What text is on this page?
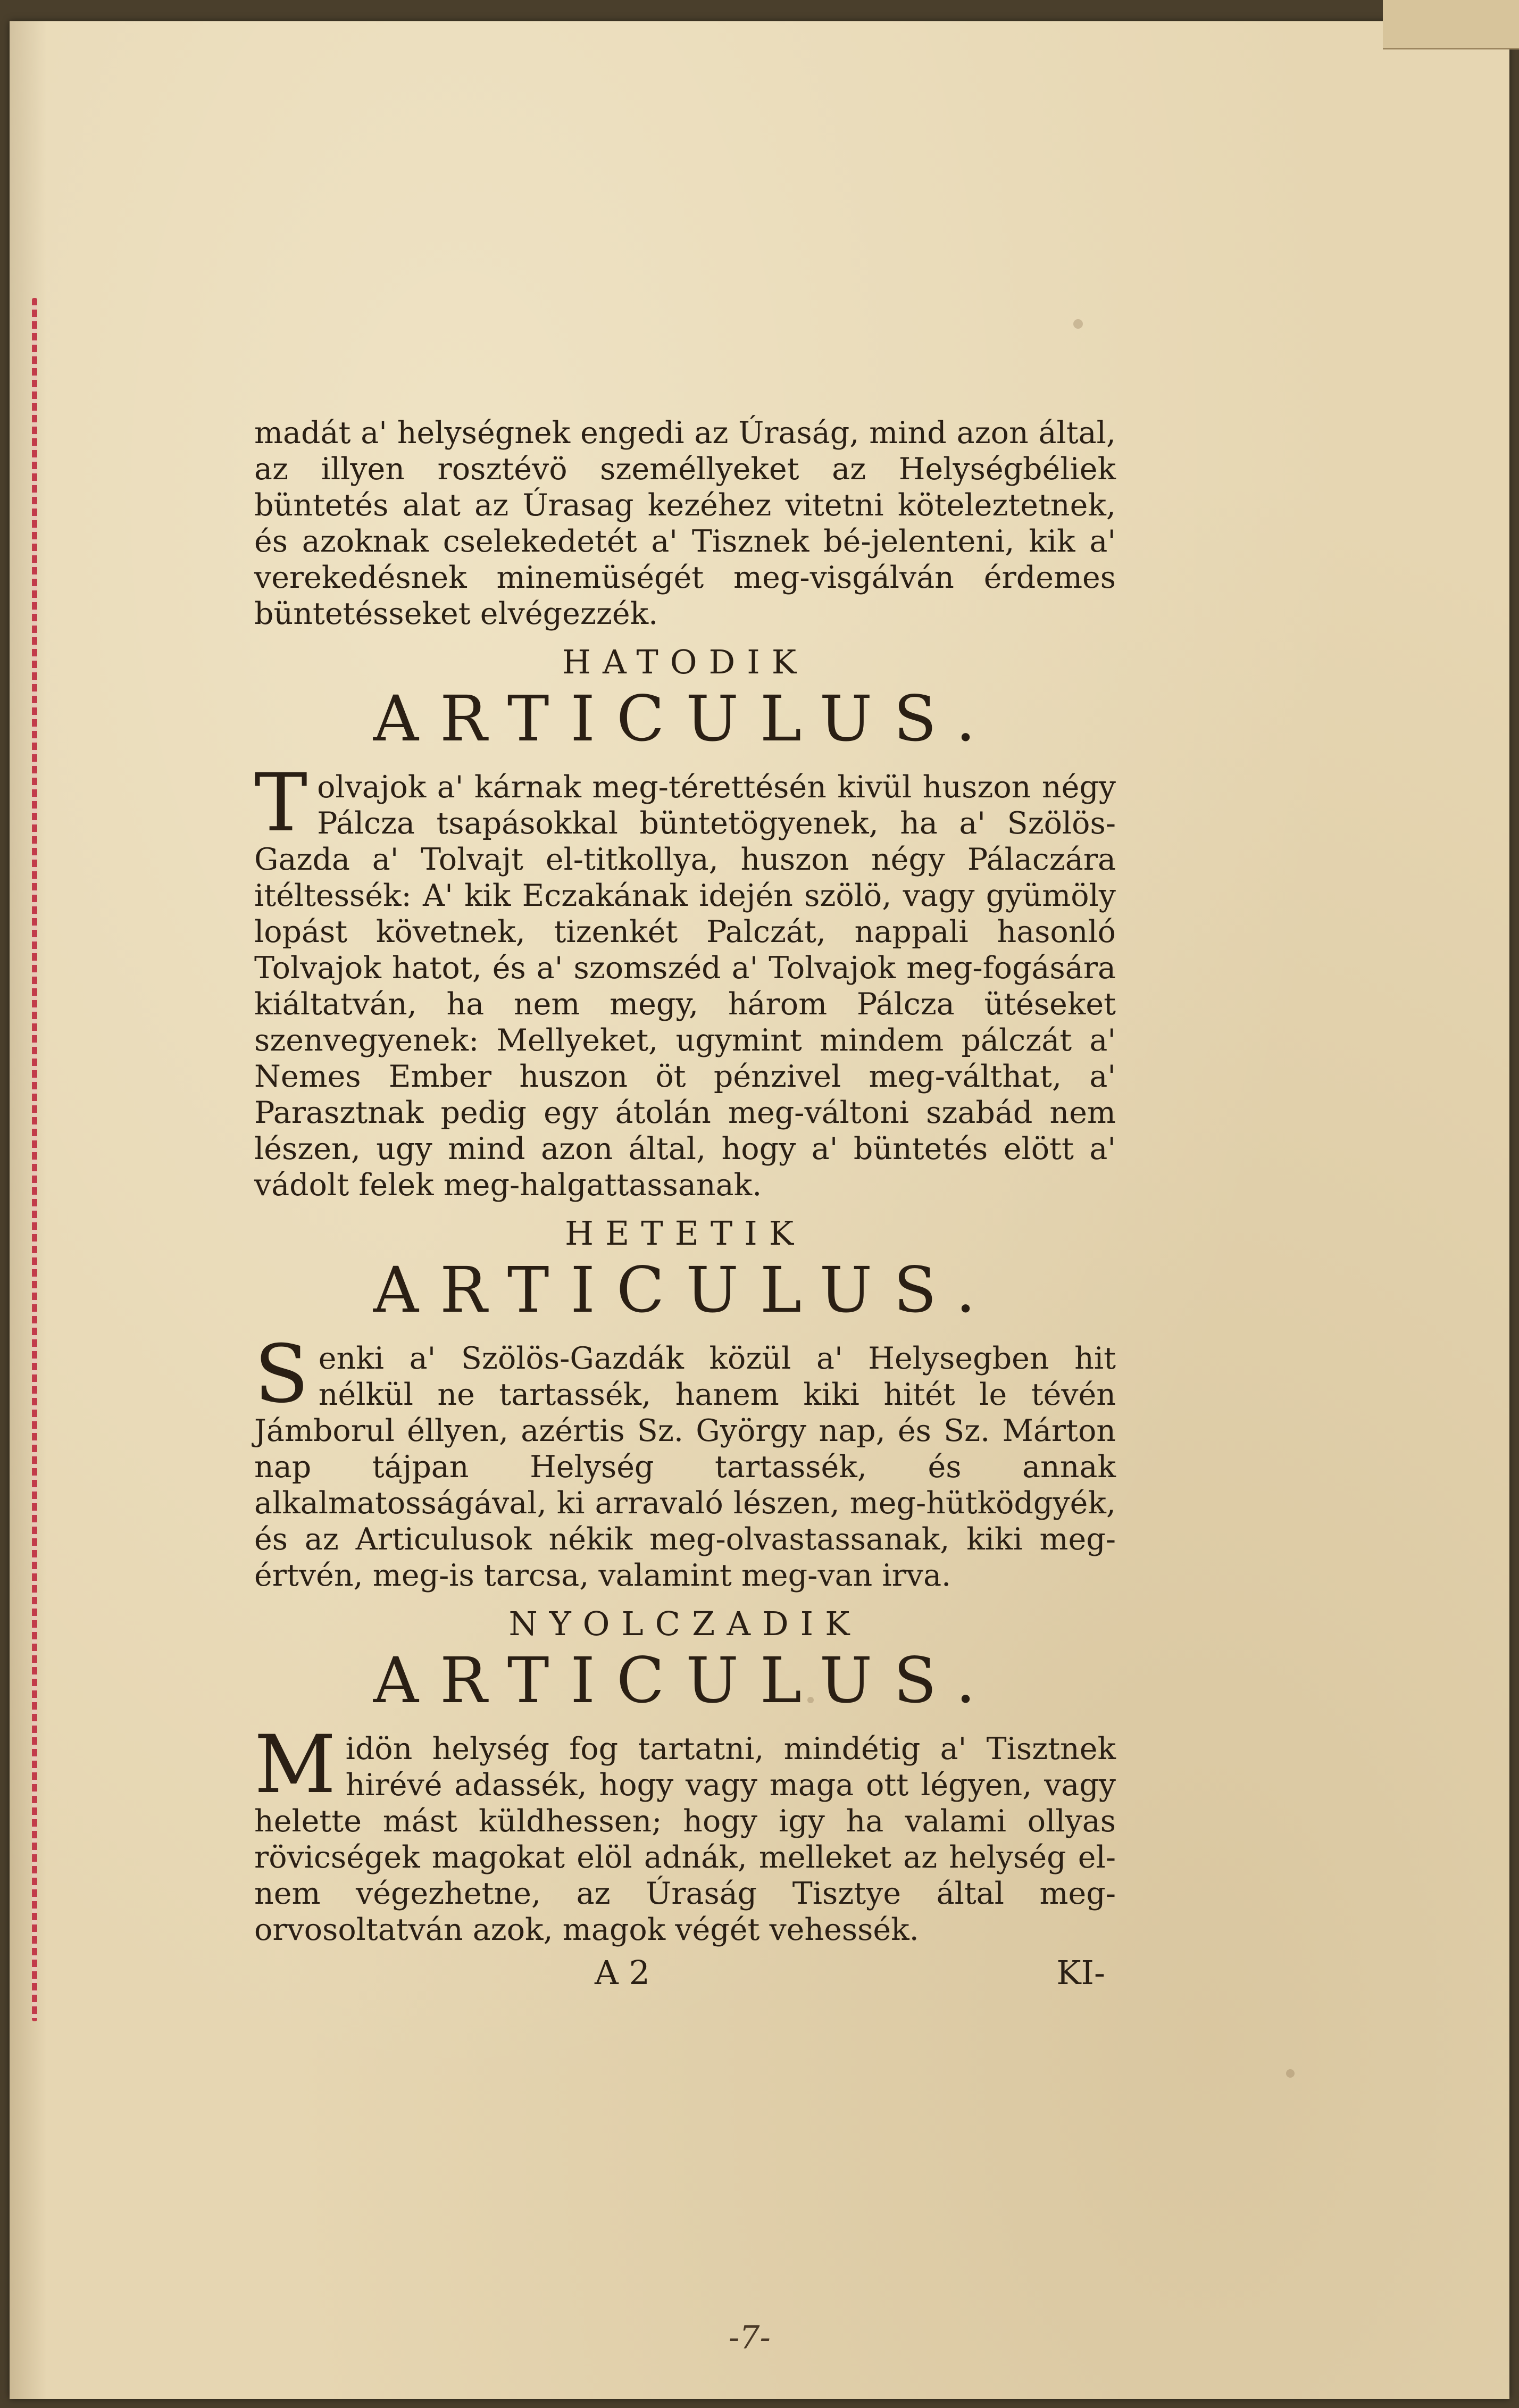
madát a' helységnek engedi az Úraság, mind azon által, az illyen rosztévö személlyeket az Helységbéliek büntetés alat az Úrasag kezéhez vitetni köteleztetnek, és azoknak cselekedetét a' Tisznek bé-jelenteni, kik a' verekedésnek minemüségét meg-visgálván érdemes büntetésseket elvégezzék.

HATODIK
ARTICULUS.

Tolvajok a' kárnak meg-térettésén kivül huszon négy Pálcza tsapásokkal büntetögyenek, ha a' Szölös-Gazda a' Tolvajt el-titkollya, huszon négy Pálaczára itéltessék: A' kik Eczakának idején szölö, vagy gyümöly lopást követnek, tizenkét Palczát, nappali hasonló Tolvajok hatot, és a' szomszéd a' Tolvajok meg-fogására kiáltatván, ha nem megy, három Pálcza ütéseket szenvegyenek: Mellyeket, ugymint mindem pálczát a' Nemes Ember huszon öt pénzivel meg-válthat, a' Parasztnak pedig egy átolán meg-váltoni szabád nem lészen, ugy mind azon által, hogy a' büntetés elött a' vádolt felek meg-halgattassanak.

HETETIK
ARTICULUS.

Senki a' Szölös-Gazdák közül a' Helysegben hit nélkül ne tartassék, hanem kiki hitét le tévén Jámborul éllyen, azértis Sz. György nap, és Sz. Márton nap tájpan Helység tartassék, és annak alkalmatosságával, ki arravaló lészen, meg-hütködgyék, és az Articulusok nékik meg-olvastassanak, kiki meg-értvén, meg-is tarcsa, valamint meg-van irva.

NYOLCZADIK
ARTICULUS.

Midön helység fog tartatni, mindétig a' Tisztnek hirévé adassék, hogy vagy maga ott légyen, vagy helette mást küldhessen; hogy igy ha valami ollyas rövicségek magokat elöl adnák, melleket az helység el-nem végezhetne, az Úraság Tisztye által meg-orvosoltatván azok, magok végét vehessék.

A 2	KI-
-7-
